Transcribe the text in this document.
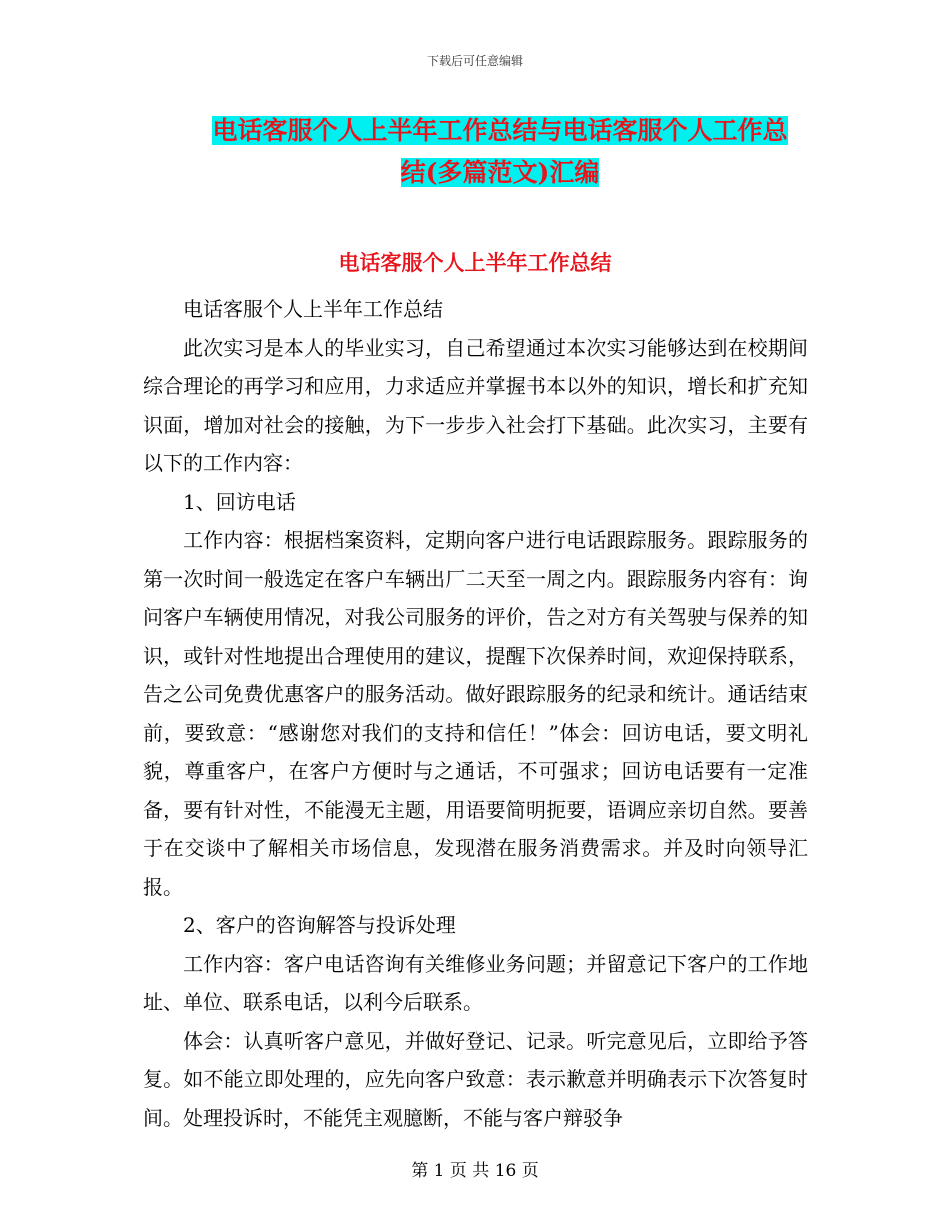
下载后可任意编辑
电话客服个人上半年工作总结与电话客服个人工作总
结(多篇范文)汇编
电话客服个人上半年工作总结

电话客服个人上半年工作总结

此次实习是本人的毕业实习，自己希望通过本次实习能够达到在校期间综合理论的再学习和应用，力求适应并掌握书本以外的知识，增长和扩充知识面，增加对社会的接触，为下一步步入社会打下基础。此次实习，主要有以下的工作内容：

1、回访电话

工作内容：根据档案资料，定期向客户进行电话跟踪服务。跟踪服务的第一次时间一般选定在客户车辆出厂二天至一周之内。跟踪服务内容有：询问客户车辆使用情况，对我公司服务的评价，告之对方有关驾驶与保养的知识，或针对性地提出合理使用的建议，提醒下次保养时间，欢迎保持联系，告之公司免费优惠客户的服务活动。做好跟踪服务的纪录和统计。通话结束前，要致意：“感谢您对我们的支持和信任！”体会：回访电话，要文明礼貌，尊重客户，在客户方便时与之通话，不可强求；回访电话要有一定准备，要有针对性，不能漫无主题，用语要简明扼要，语调应亲切自然。要善于在交谈中了解相关市场信息，发现潜在服务消费需求。并及时向领导汇报。

2、客户的咨询解答与投诉处理

工作内容：客户电话咨询有关维修业务问题；并留意记下客户的工作地址、单位、联系电话，以利今后联系。

体会：认真听客户意见，并做好登记、记录。听完意见后，立即给予答复。如不能立即处理的，应先向客户致意：表示歉意并明确表示下次答复时间。处理投诉时，不能凭主观臆断，不能与客户辩驳争

第 1 页 共 16 页
